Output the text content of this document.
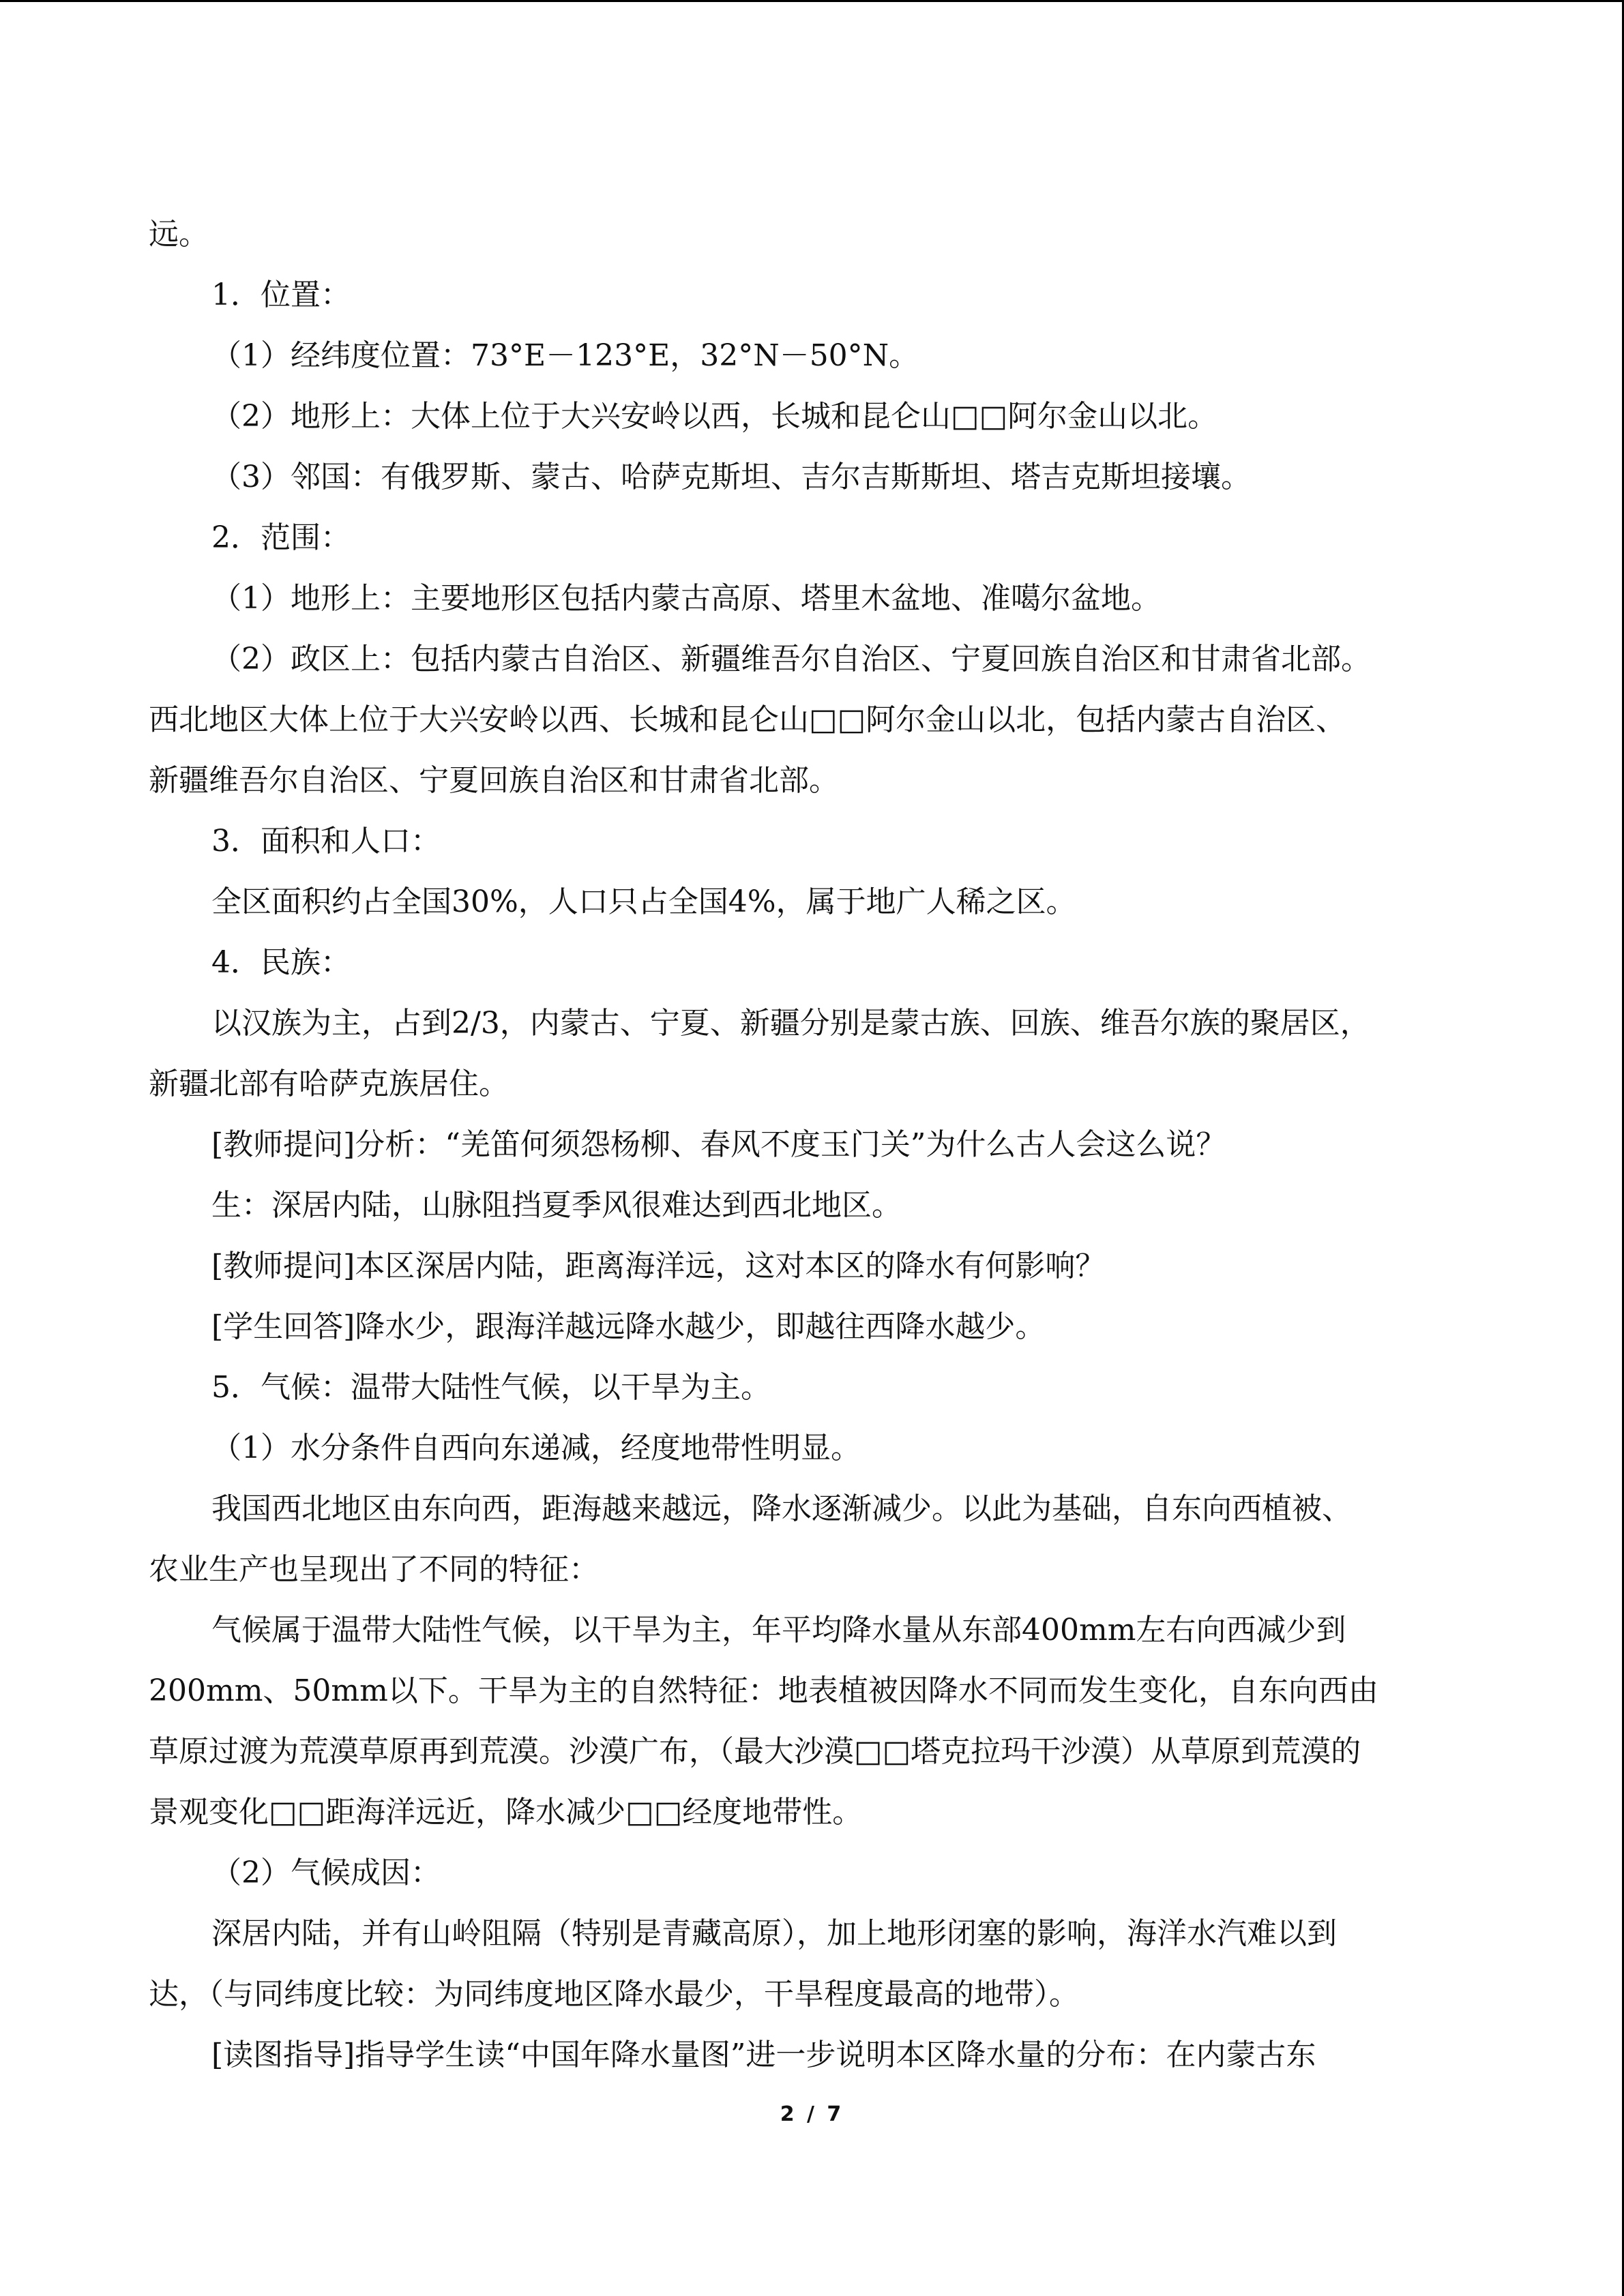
远。

1．位置：

（1）经纬度位置：73°E－123°E，32°N－50°N。

（2）地形上：大体上位于大兴安岭以西，长城和昆仑山□□阿尔金山以北。

（3）邻国：有俄罗斯、蒙古、哈萨克斯坦、吉尔吉斯斯坦、塔吉克斯坦接壤。

2．范围：

（1）地形上：主要地形区包括内蒙古高原、塔里木盆地、准噶尔盆地。

（2）政区上：包括内蒙古自治区、新疆维吾尔自治区、宁夏回族自治区和甘肃省北部。

西北地区大体上位于大兴安岭以西、长城和昆仑山□□阿尔金山以北，包括内蒙古自治区、

新疆维吾尔自治区、宁夏回族自治区和甘肃省北部。

3．面积和人口：

全区面积约占全国30%，人口只占全国4%，属于地广人稀之区。

4．民族：

以汉族为主，占到2/3，内蒙古、宁夏、新疆分别是蒙古族、回族、维吾尔族的聚居区，

新疆北部有哈萨克族居住。

[教师提问]分析：“羌笛何须怨杨柳、春风不度玉门关”为什么古人会这么说？

生：深居内陆，山脉阻挡夏季风很难达到西北地区。

[教师提问]本区深居内陆，距离海洋远，这对本区的降水有何影响？

[学生回答]降水少，跟海洋越远降水越少，即越往西降水越少。

5．气候：温带大陆性气候，以干旱为主。

（1）水分条件自西向东递减，经度地带性明显。

我国西北地区由东向西，距海越来越远，降水逐渐减少。以此为基础，自东向西植被、

农业生产也呈现出了不同的特征：

气候属于温带大陆性气候，以干旱为主，年平均降水量从东部400mm左右向西减少到

200mm、50mm以下。干旱为主的自然特征：地表植被因降水不同而发生变化，自东向西由

草原过渡为荒漠草原再到荒漠。沙漠广布，（最大沙漠□□塔克拉玛干沙漠）从草原到荒漠的

景观变化□□距海洋远近，降水减少□□经度地带性。

（2）气候成因：

深居内陆，并有山岭阻隔（特别是青藏高原），加上地形闭塞的影响，海洋水汽难以到

达，（与同纬度比较：为同纬度地区降水最少，干旱程度最高的地带）。

[读图指导]指导学生读“中国年降水量图”进一步说明本区降水量的分布：在内蒙古东

2 / 7
